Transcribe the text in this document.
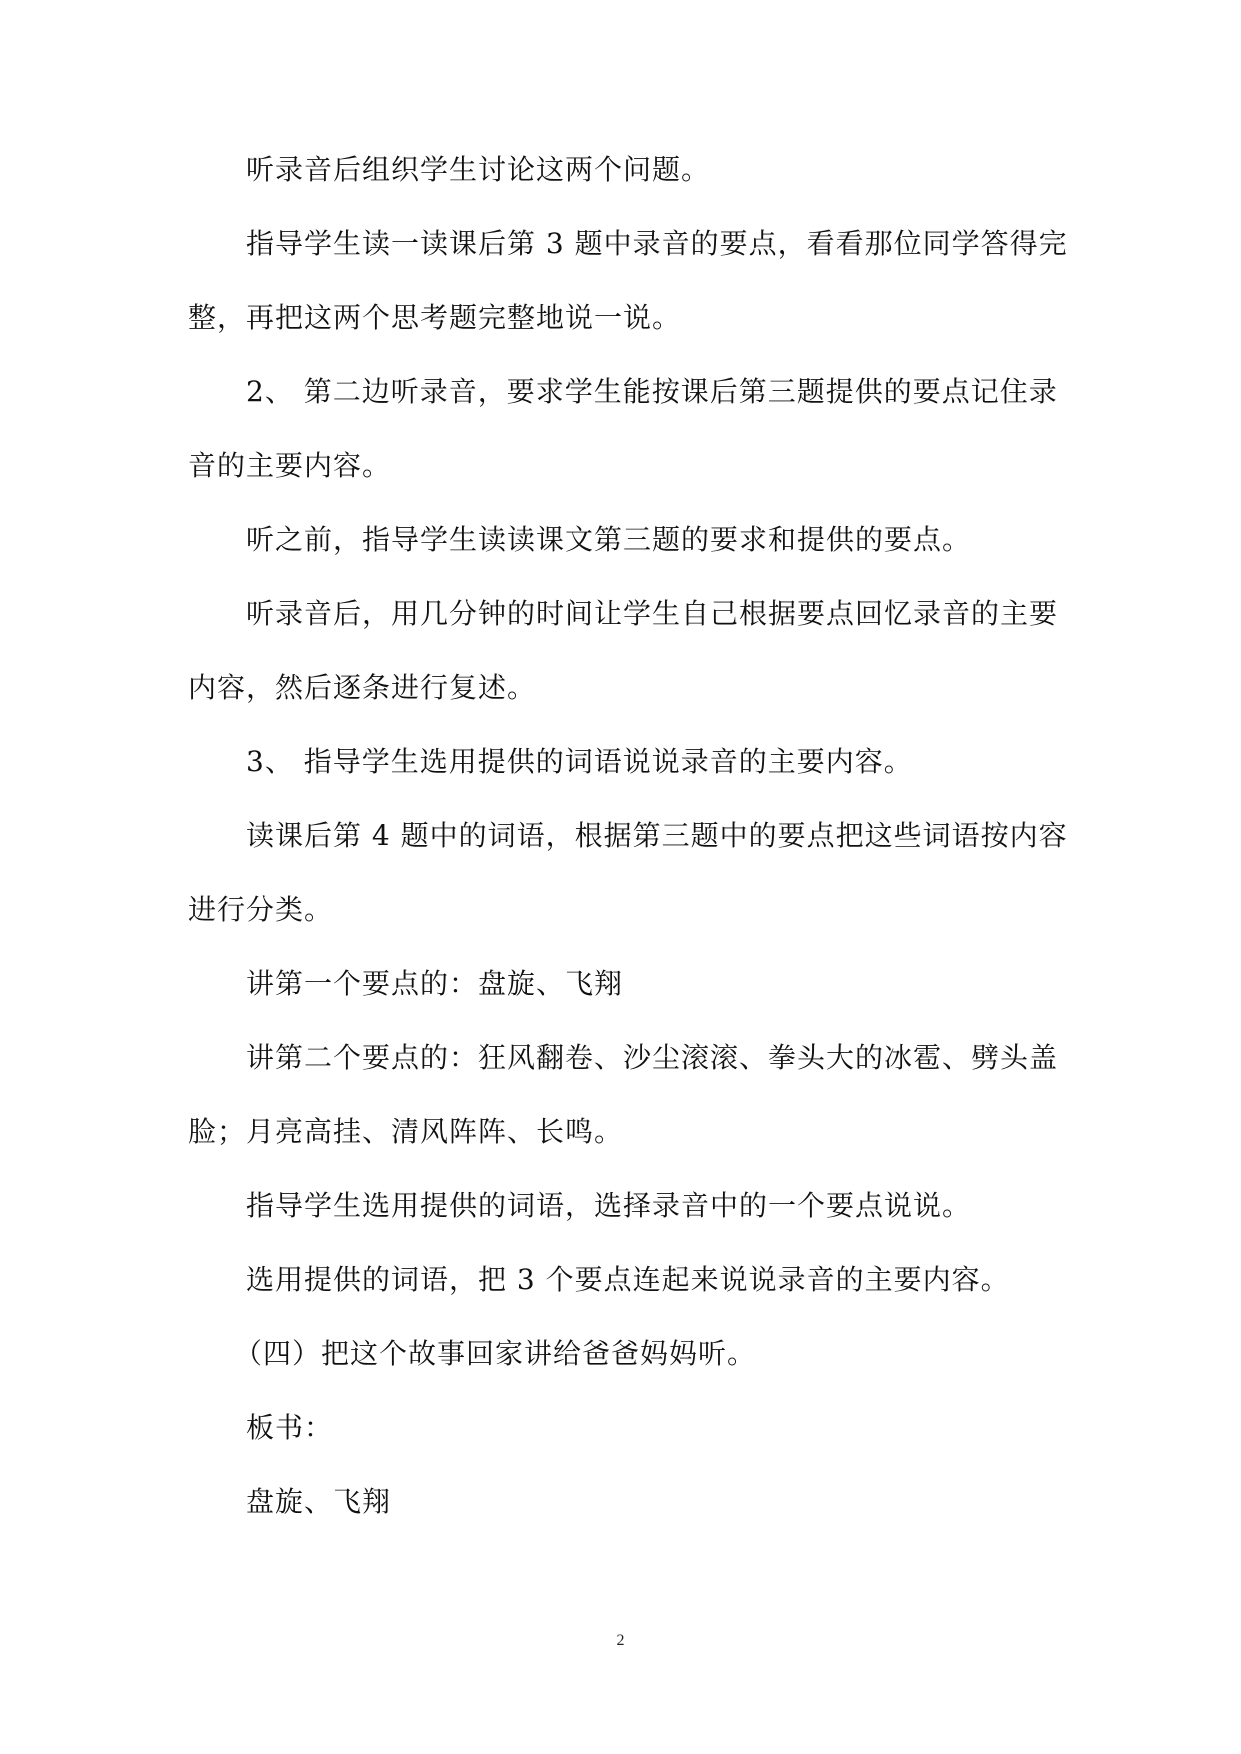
听录音后组织学生讨论这两个问题。
指导学生读一读课后第 3 题中录音的要点，看看那位同学答得完
整，再把这两个思考题完整地说一说。
2、 第二边听录音，要求学生能按课后第三题提供的要点记住录
音的主要内容。
听之前，指导学生读读课文第三题的要求和提供的要点。
听录音后，用几分钟的时间让学生自己根据要点回忆录音的主要
内容，然后逐条进行复述。
3、 指导学生选用提供的词语说说录音的主要内容。
读课后第 4 题中的词语，根据第三题中的要点把这些词语按内容
进行分类。
讲第一个要点的：盘旋、飞翔
讲第二个要点的：狂风翻卷、沙尘滚滚、拳头大的冰雹、劈头盖
脸；月亮高挂、清风阵阵、长鸣。
指导学生选用提供的词语，选择录音中的一个要点说说。
选用提供的词语，把 3 个要点连起来说说录音的主要内容。
（四）把这个故事回家讲给爸爸妈妈听。
板书：
盘旋、飞翔
2
